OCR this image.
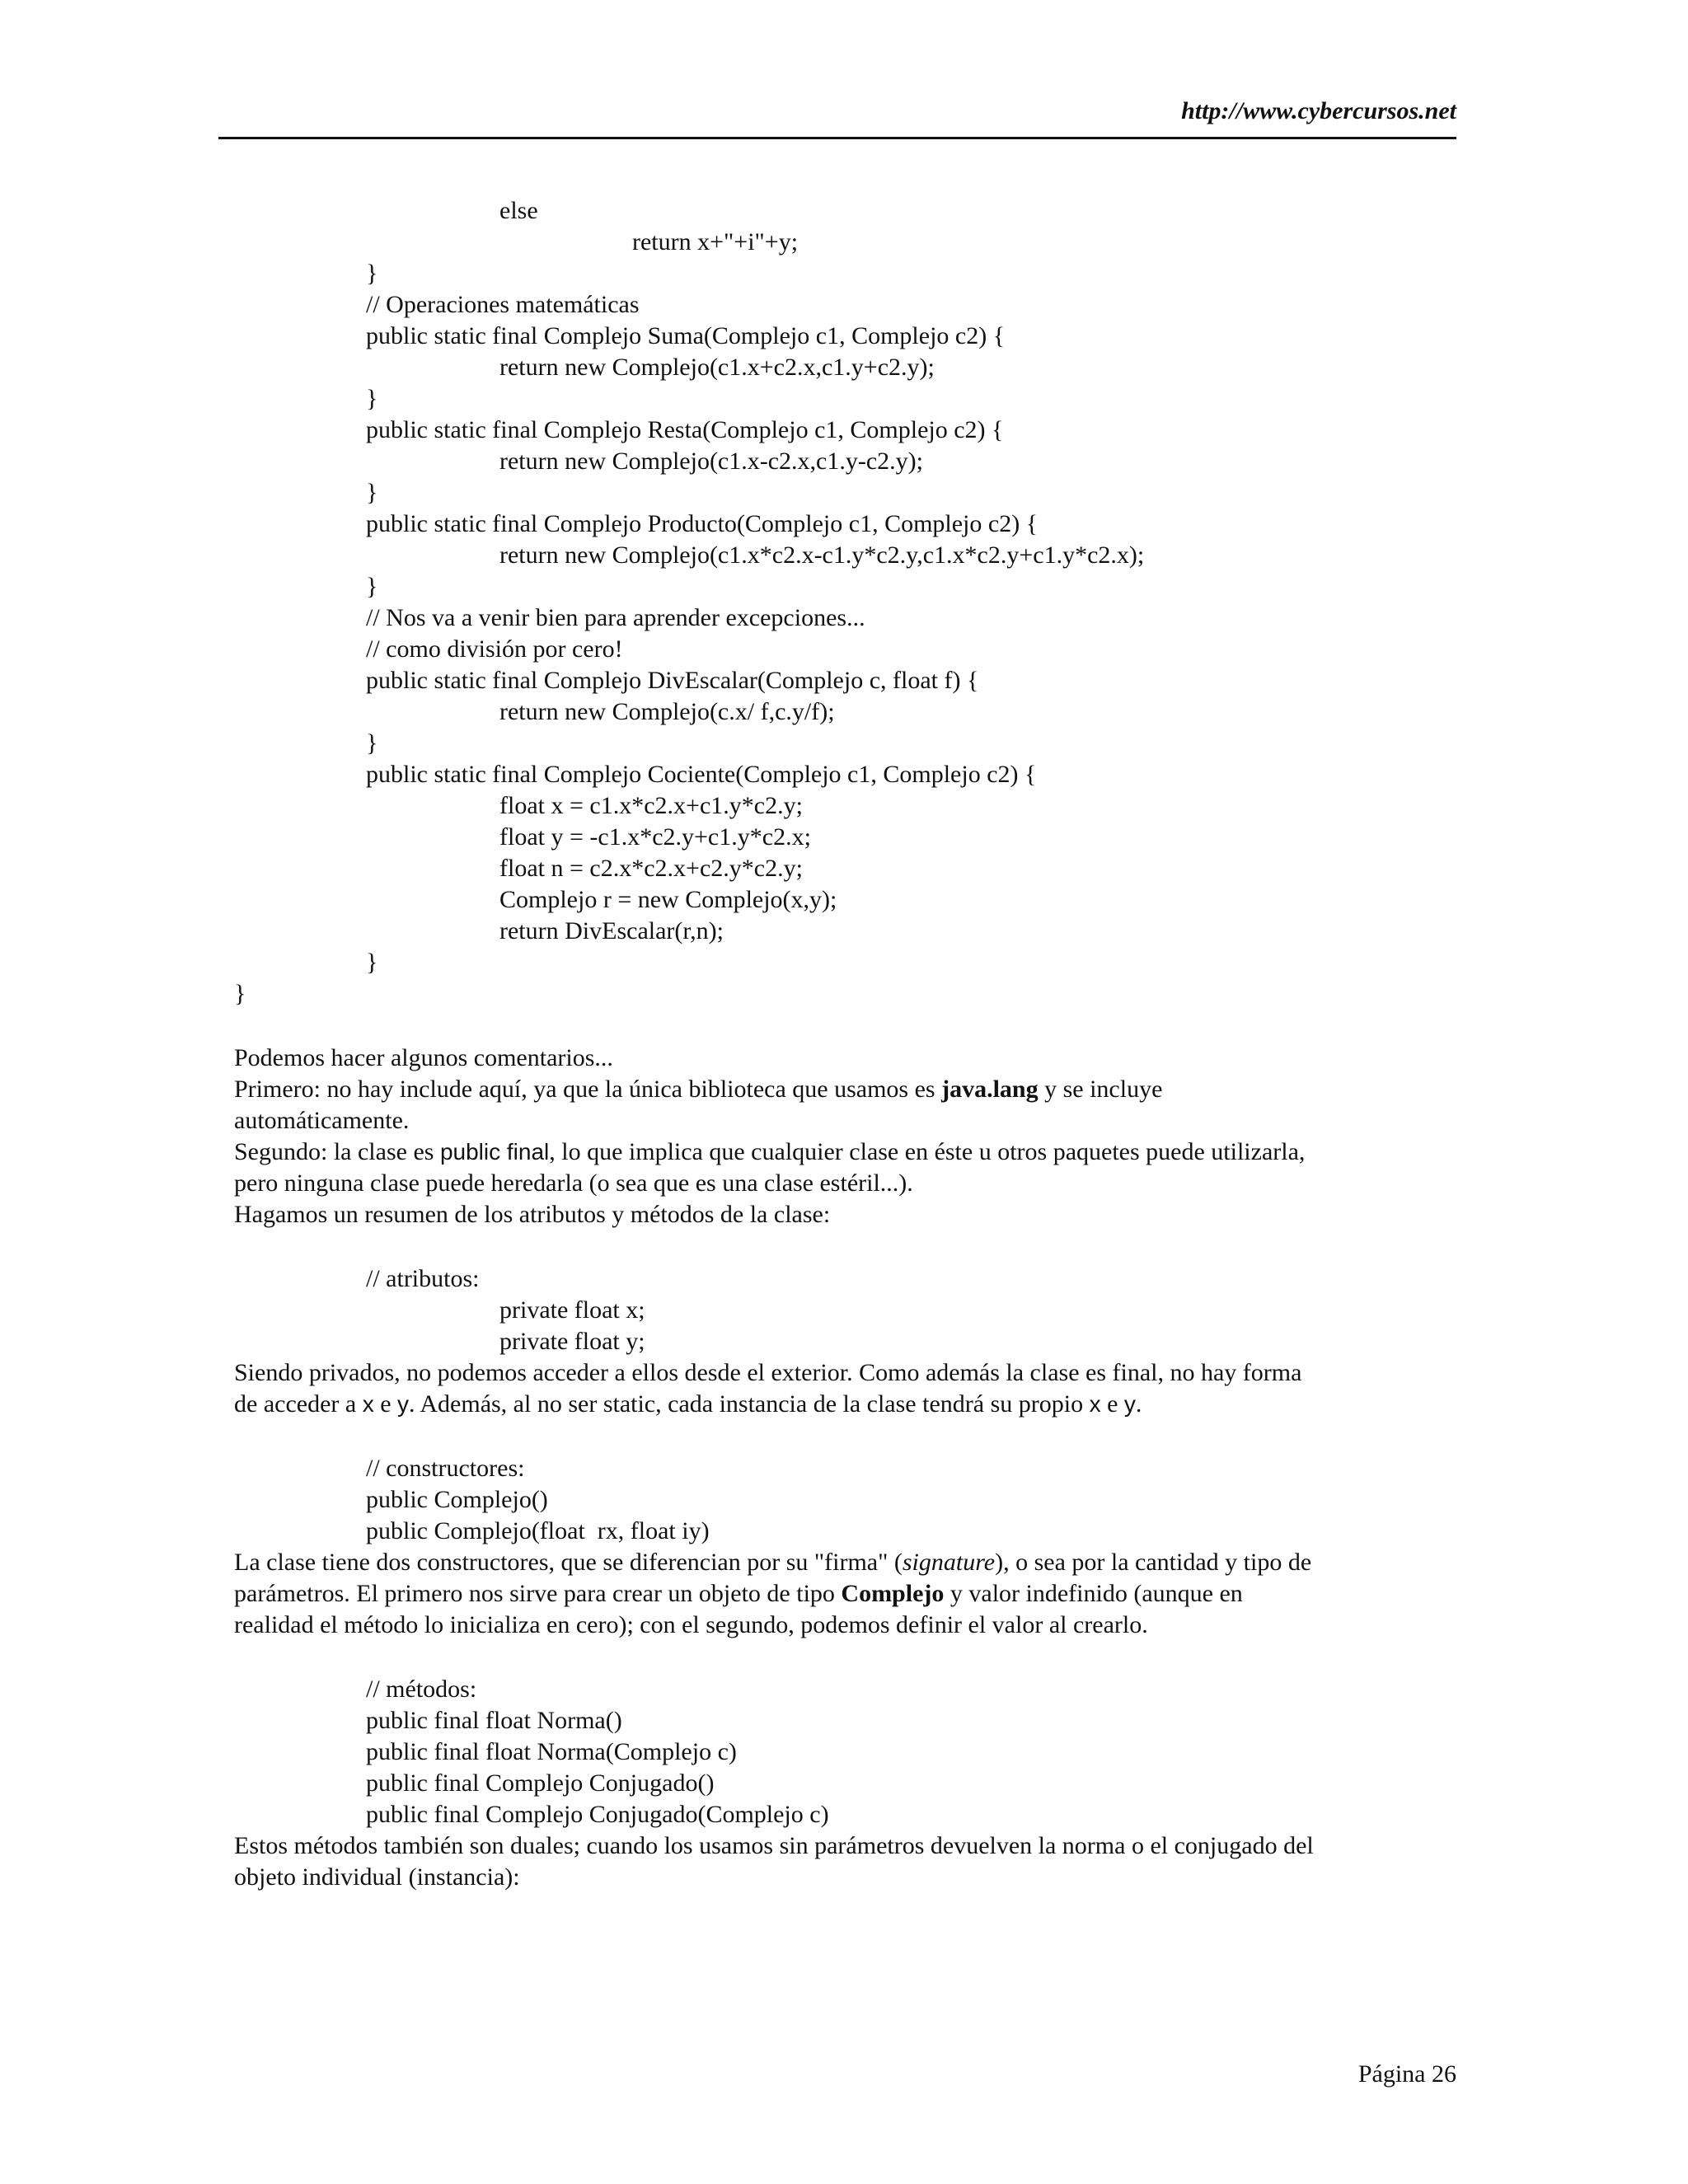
http://www.cybercursos.net
else
return x+"+i"+y;
}
// Operaciones matemáticas
public static final Complejo Suma(Complejo c1, Complejo c2) {
return new Complejo(c1.x+c2.x,c1.y+c2.y);
}
public static final Complejo Resta(Complejo c1, Complejo c2) {
return new Complejo(c1.x-c2.x,c1.y-c2.y);
}
public static final Complejo Producto(Complejo c1, Complejo c2) {
return new Complejo(c1.x*c2.x-c1.y*c2.y,c1.x*c2.y+c1.y*c2.x);
}
// Nos va a venir bien para aprender excepciones...
// como división por cero!
public static final Complejo DivEscalar(Complejo c, float f) {
return new Complejo(c.x/ f,c.y/f);
}
public static final Complejo Cociente(Complejo c1, Complejo c2) {
float x = c1.x*c2.x+c1.y*c2.y;
float y = -c1.x*c2.y+c1.y*c2.x;
float n = c2.x*c2.x+c2.y*c2.y;
Complejo r = new Complejo(x,y);
return DivEscalar(r,n);
}
}
Podemos hacer algunos comentarios...
Primero: no hay include aquí, ya que la única biblioteca que usamos es java.lang y se incluye
automáticamente.
Segundo: la clase es public final, lo que implica que cualquier clase en éste u otros paquetes puede utilizarla,
pero ninguna clase puede heredarla (o sea que es una clase estéril...).
Hagamos un resumen de los atributos y métodos de la clase:
// atributos:
private float x;
private float y;
Siendo privados, no podemos acceder a ellos desde el exterior. Como además la clase es final, no hay forma
de acceder a x e y. Además, al no ser static, cada instancia de la clase tendrá su propio x e y.
// constructores:
public Complejo()
public Complejo(float  rx, float iy)
La clase tiene dos constructores, que se diferencian por su "firma" (signature), o sea por la cantidad y tipo de
parámetros. El primero nos sirve para crear un objeto de tipo Complejo y valor indefinido (aunque en
realidad el método lo inicializa en cero); con el segundo, podemos definir el valor al crearlo.
// métodos:
public final float Norma()
public final float Norma(Complejo c)
public final Complejo Conjugado()
public final Complejo Conjugado(Complejo c)
Estos métodos también son duales; cuando los usamos sin parámetros devuelven la norma o el conjugado del
objeto individual (instancia):
Página 26
